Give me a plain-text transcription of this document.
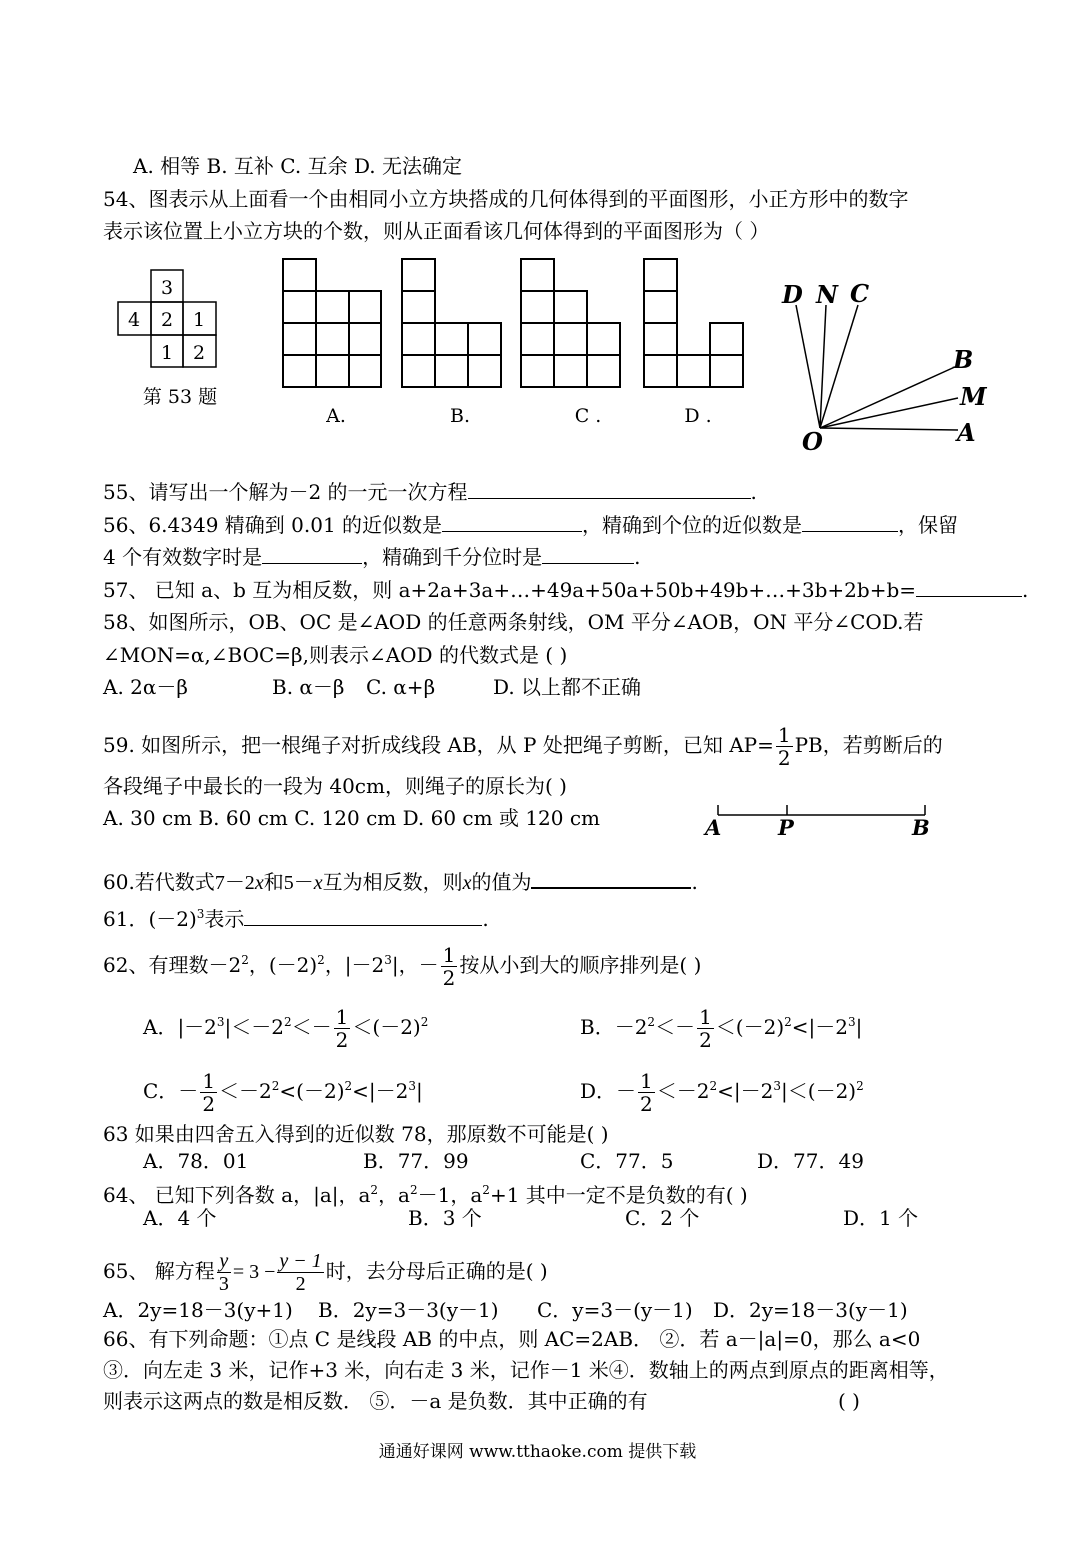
A. 相等 B. 互补 C. 互余 D. 无法确定
54、图表示从上面看一个由相同小立方块搭成的几何体得到的平面图形，小正方形中的数字
表示该位置上小立方块的个数，则从正面看该几何体得到的平面图形为（ ）
3
4 2 1
1 2
第 53 题
A.	B.	C .	D .
D N C
B
M
A
O
55、请写出一个解为－2 的一元一次方程	.
56、6.4349 精确到 0.01 的近似数是	，精确到个位的近似数是	，保留
4 个有效数字时是	，精确到千分位时是	.
57、 已知 a、b 互为相反数，则 a+2a+3a+…+49a+50a+50b+49b+…+3b+2b+b=	.
58、如图所示，OB、OC 是∠AOD 的任意两条射线，OM 平分∠AOB，ON 平分∠COD.若
∠MON=α,∠BOC=β,则表示∠AOD 的代数式是 ( )
A. 2α－β	B. α－β C. α+β	D. 以上都不正确
59. 如图所示，把一根绳子对折成线段 AB，从 P 处把绳子剪断，已知 $AP= \frac{1}{2}$ PB，若剪断后的
各段绳子中最长的一段为 40cm，则绳子的原长为( )
A. 30 cm B. 60 cm C. 120 cm D. 60 cm 或 120 cm	A	P	B
60.若代数式7－2x和5－x互为相反数，则x的值为	.
61．$(-2)^3$表示	.
62、有理数$-2^2$，$(-2)^2$，$|-2^3|$，－ $\frac{1}{2}$ 按从小到大的顺序排列是( )
A．$|-2^3|<-2^2<- \frac{1}{2} <(-2)^2$	B．$-2^2<- \frac{1}{2} <(-2)^2<|-2^3|$
C．－ $\frac{1}{2} <-2^2<(-2)^2<|-2^3|$	D．－ $\frac{1}{2} <-2^2<|-2^3|<(-2)^2$
63 如果由四舍五入得到的近似数 78，那原数不可能是( )
A．78．01	B．77．99	C．77．5	D．77．49
64、 已知下列各数 a，|a|，$a^2$，$a^2-1$，$a^2+1$ 其中一定不是负数的有( )
A．4 个	B．3 个	C．2 个	D．1 个
65、 解方程 $\frac{y}{3} = 3 - \frac{y - 1}{2}$ 时，去分母后正确的是( )
A．2y=18－3(y+1) B．2y=3－3(y－1) C．y=3－(y－1) D．2y=18－3(y－1)
66、有下列命题：①点 C 是线段 AB 的中点，则 AC=2AB． ②．若 a－|a|=0，那么 a<0
③．向左走 3 米，记作+3 米，向右走 3 米，记作－1 米④．数轴上的两点到原点的距离相等，
则表示这两点的数是相反数． ⑤．－a 是负数．其中正确的有	( )
通通好课网 www.tthaoke.com 提供下载
